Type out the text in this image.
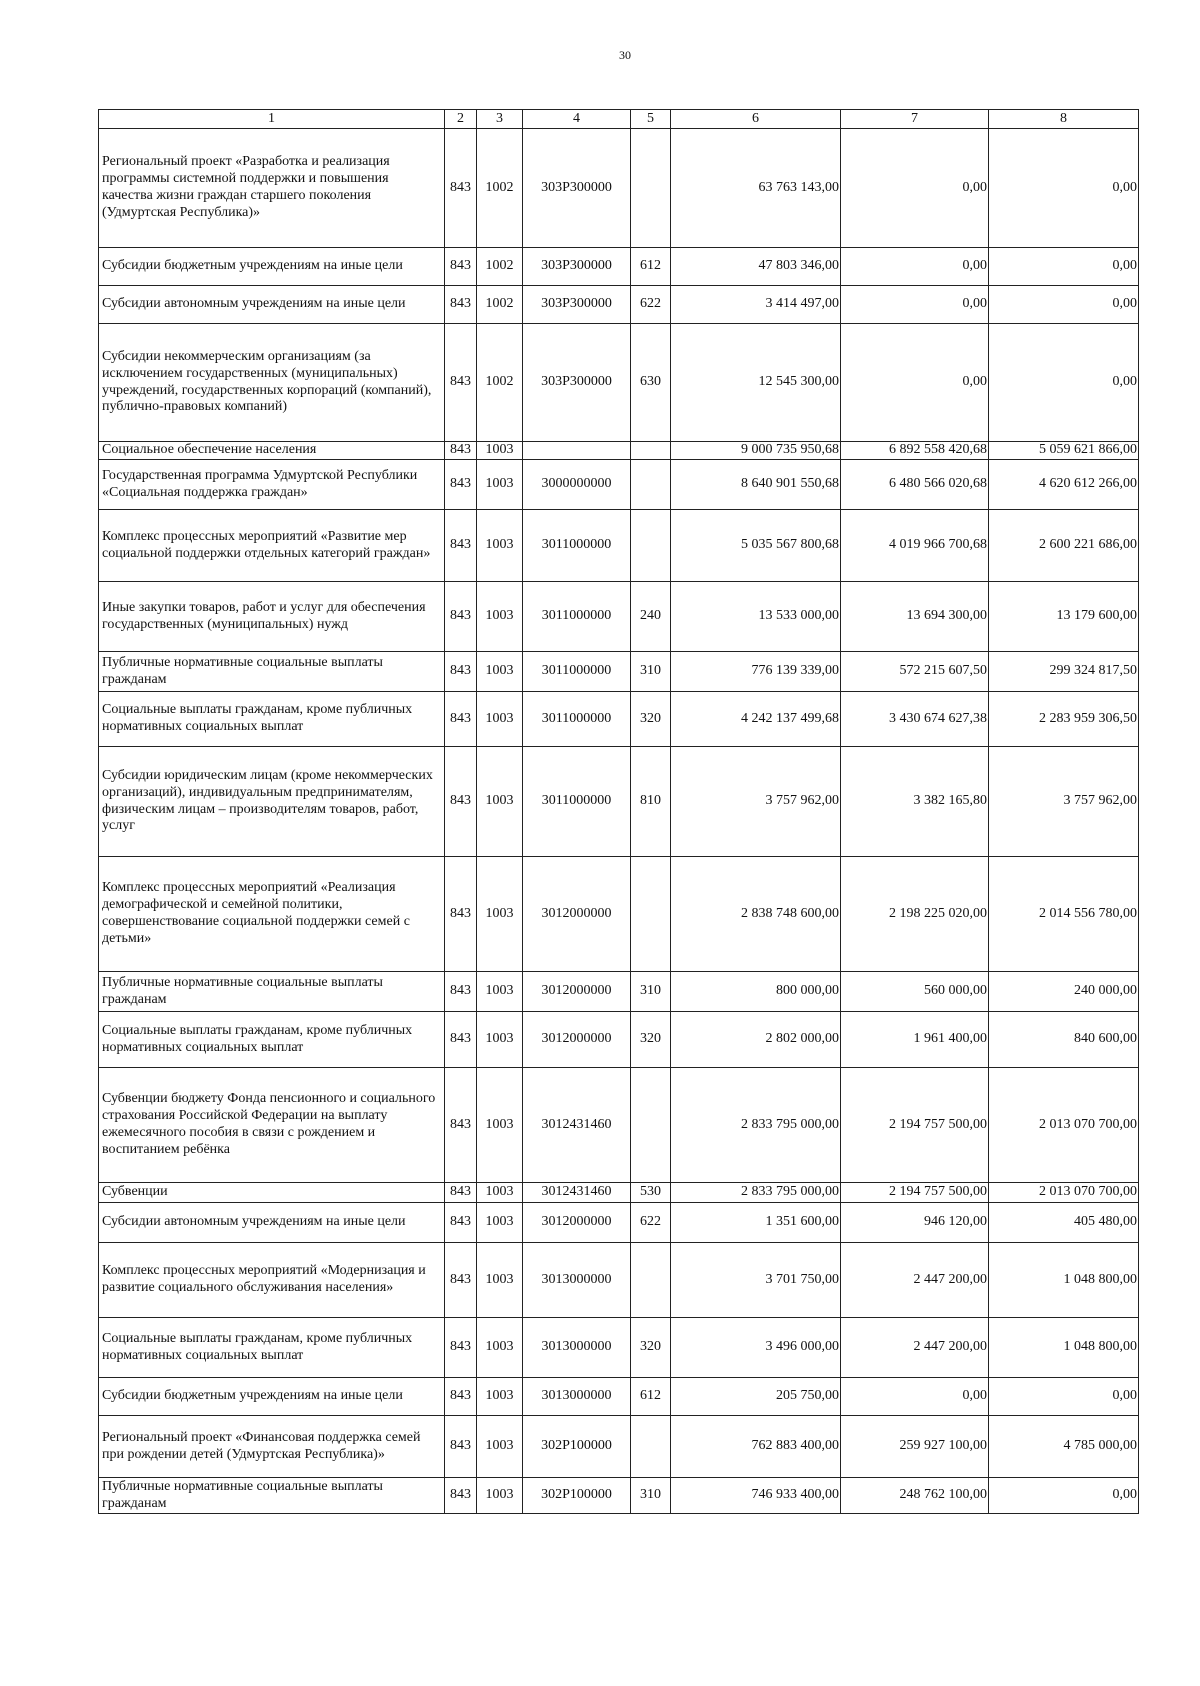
30
1	2	3	4	5	6	7	8
Региональный проект «Разработка и реализация программы системной поддержки и повышения качества жизни граждан старшего поколения (Удмуртская Республика)»	843	1002	303P300000		63 763 143,00	0,00	0,00
Субсидии бюджетным учреждениям на иные цели	843	1002	303P300000	612	47 803 346,00	0,00	0,00
Субсидии автономным учреждениям на иные цели	843	1002	303P300000	622	3 414 497,00	0,00	0,00
Субсидии некоммерческим организациям (за исключением государственных (муниципальных) учреждений, государственных корпораций (компаний), публично-правовых компаний)	843	1002	303P300000	630	12 545 300,00	0,00	0,00
Социальное обеспечение населения	843	1003			9 000 735 950,68	6 892 558 420,68	5 059 621 866,00
Государственная программа Удмуртской Республики «Социальная поддержка граждан»	843	1003	3000000000		8 640 901 550,68	6 480 566 020,68	4 620 612 266,00
Комплекс процессных мероприятий «Развитие мер социальной поддержки отдельных категорий граждан»	843	1003	3011000000		5 035 567 800,68	4 019 966 700,68	2 600 221 686,00
Иные закупки товаров, работ и услуг для обеспечения государственных (муниципальных) нужд	843	1003	3011000000	240	13 533 000,00	13 694 300,00	13 179 600,00
Публичные нормативные социальные выплаты гражданам	843	1003	3011000000	310	776 139 339,00	572 215 607,50	299 324 817,50
Социальные выплаты гражданам, кроме публичных нормативных социальных выплат	843	1003	3011000000	320	4 242 137 499,68	3 430 674 627,38	2 283 959 306,50
Субсидии юридическим лицам (кроме некоммерческих организаций), индивидуальным предпринимателям, физическим лицам – производителям товаров, работ, услуг	843	1003	3011000000	810	3 757 962,00	3 382 165,80	3 757 962,00
Комплекс процессных мероприятий «Реализация демографической и семейной политики, совершенствование социальной поддержки семей с детьми»	843	1003	3012000000		2 838 748 600,00	2 198 225 020,00	2 014 556 780,00
Публичные нормативные социальные выплаты гражданам	843	1003	3012000000	310	800 000,00	560 000,00	240 000,00
Социальные выплаты гражданам, кроме публичных нормативных социальных выплат	843	1003	3012000000	320	2 802 000,00	1 961 400,00	840 600,00
Субвенции бюджету Фонда пенсионного и социального страхования Российской Федерации на выплату ежемесячного пособия в связи с рождением и воспитанием ребёнка	843	1003	3012431460		2 833 795 000,00	2 194 757 500,00	2 013 070 700,00
Субвенции	843	1003	3012431460	530	2 833 795 000,00	2 194 757 500,00	2 013 070 700,00
Субсидии автономным учреждениям на иные цели	843	1003	3012000000	622	1 351 600,00	946 120,00	405 480,00
Комплекс процессных мероприятий «Модернизация и развитие социального обслуживания населения»	843	1003	3013000000		3 701 750,00	2 447 200,00	1 048 800,00
Социальные выплаты гражданам, кроме публичных нормативных социальных выплат	843	1003	3013000000	320	3 496 000,00	2 447 200,00	1 048 800,00
Субсидии бюджетным учреждениям на иные цели	843	1003	3013000000	612	205 750,00	0,00	0,00
Региональный проект «Финансовая поддержка семей при рождении детей (Удмуртская Республика)»	843	1003	302P100000		762 883 400,00	259 927 100,00	4 785 000,00
Публичные нормативные социальные выплаты гражданам	843	1003	302P100000	310	746 933 400,00	248 762 100,00	0,00
